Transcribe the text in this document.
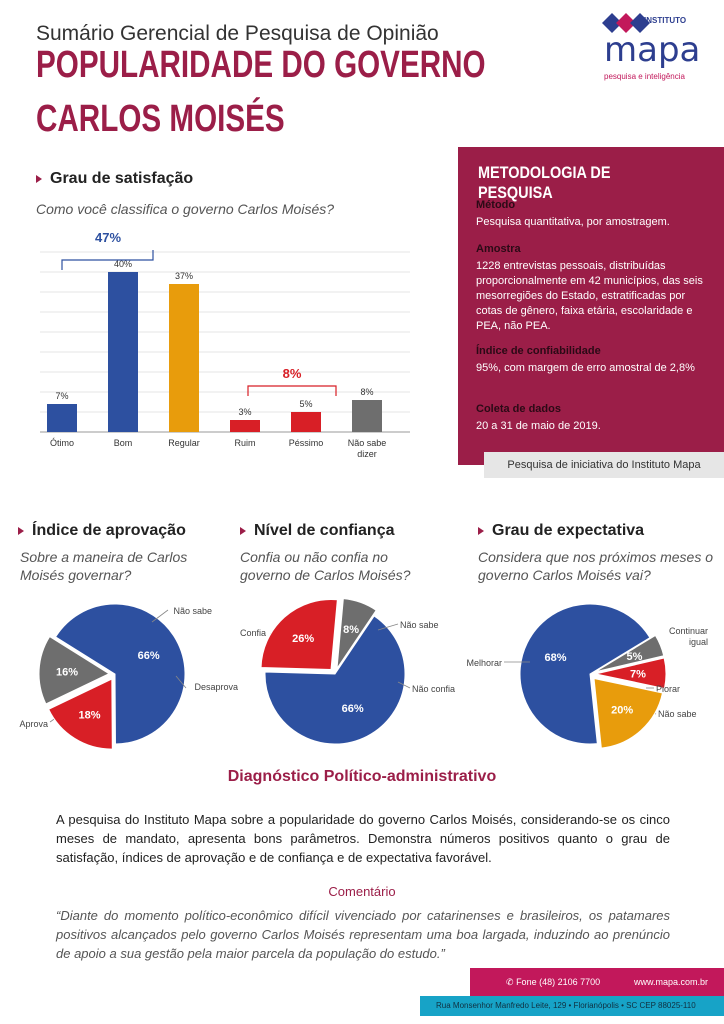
Sumário Gerencial de Pesquisa de Opinião
POPULARIDADE DO GOVERNO
CARLOS MOISÉS
INSTITUTO
mapa
pesquisa e inteligência
Grau de satisfação
Como você classifica o governo Carlos Moisés?
7%
Ótimo
40%
Bom
37%
Regular
3%
Ruim
5%
Péssimo
8%
Não sabe
dizer
47%
8%
METODOLOGIA DE PESQUISA
Método
Pesquisa quantitativa, por amostragem.
Amostra
1228 entrevistas pessoais, distribuídas proporcionalmente em 42 municípios, das seis mesorregiões do Estado, estratificadas por cotas de gênero, faixa etária, escolaridade e PEA, não PEA.
Índice de confiabilidade
95%, com margem de erro amostral de 2,8%
Coleta de dados
20 a 31 de maio de 2019.
Pesquisa de iniciativa do Instituto Mapa
Índice de aprovação
Sobre a maneira de Carlos Moisés governar?
Nível de confiança
Confia ou não confia no governo de Carlos Moisés?
Grau de expectativa
Considera que nos próximos meses o governo Carlos Moisés vai?
66%
Aprova
18%
Desaprova
16%
Não sabe
66%
Confia
26%
Não confia
8%	Não sabe
68%
Melhorar
5%
Não sabe
7%
Piorar
20%
Continuar
igual
Diagnóstico Político-administrativo
A pesquisa do Instituto Mapa sobre a popularidade do governo Carlos Moisés, considerando-se os cinco meses de mandato, apresenta bons parâmetros. Demonstra números positivos quanto o grau de satisfação, índices de aprovação e de confiança e de expectativa favorável.
Comentário
“Diante do momento político-econômico difícil vivenciado por catarinenses e brasileiros, os patamares positivos alcançados pelo governo Carlos Moisés representam uma boa largada, induzindo ao prenúncio de apoio a sua gestão pela maior parcela da população do estudo.”
✆ Fone (48) 2106 7700	www.mapa.com.br
Rua Monsenhor Manfredo Leite, 129 • Florianópolis • SC CEP 88025-110
